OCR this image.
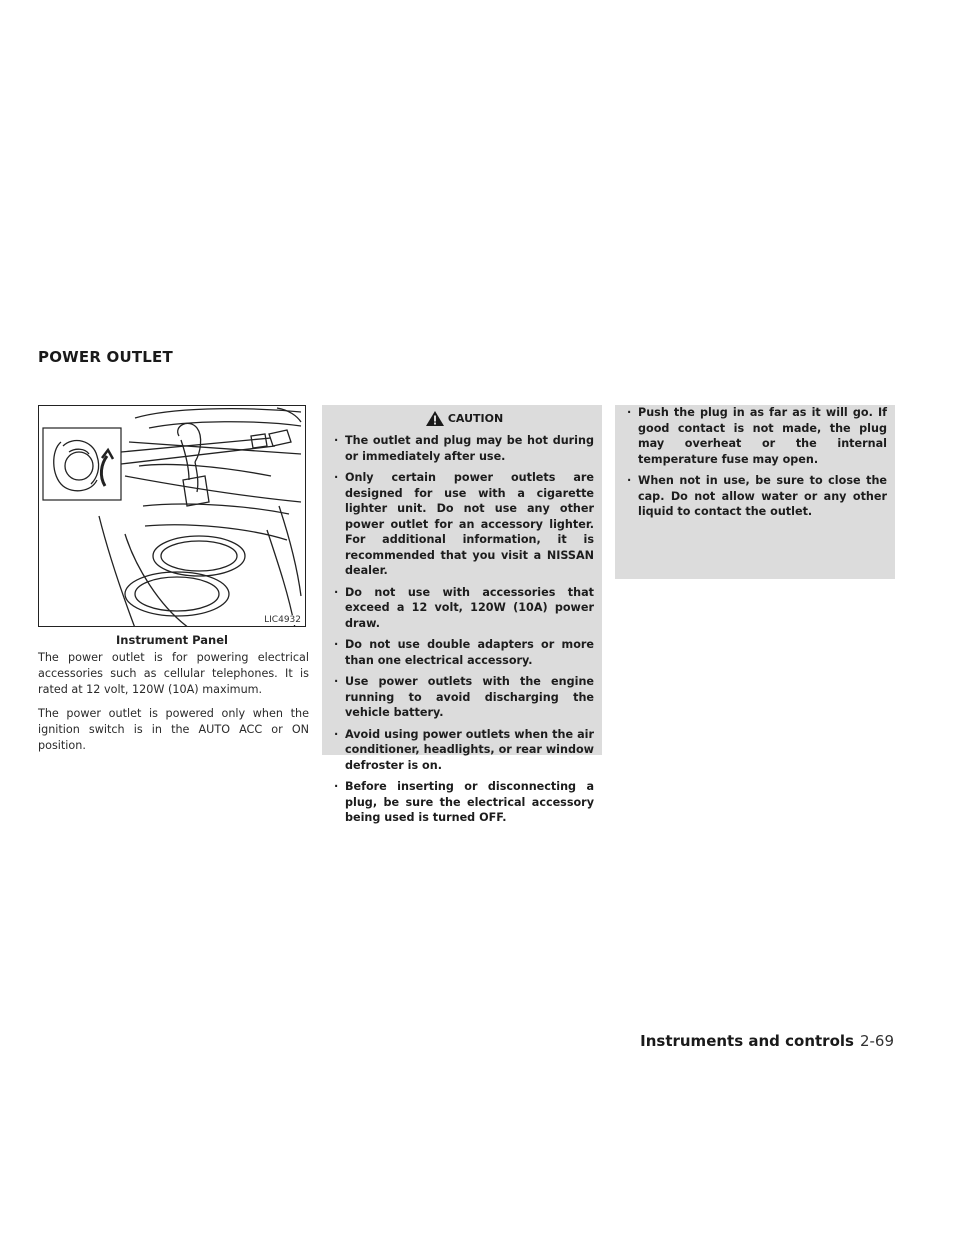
POWER OUTLET
LIC4932
Instrument Panel

The power outlet is for powering electrical accessories such as cellular telephones. It is rated at 12 volt, 120W (10A) maximum.

The power outlet is powered only when the ignition switch is in the AUTO ACC or ON position.

CAUTION
· The outlet and plug may be hot during or immediately after use.
· Only certain power outlets are designed for use with a cigarette lighter unit. Do not use any other power outlet for an accessory lighter. For additional information, it is recommended that you visit a NISSAN dealer.
· Do not use with accessories that exceed a 12 volt, 120W (10A) power draw.
· Do not use double adapters or more than one electrical accessory.
· Use power outlets with the engine running to avoid discharging the vehicle battery.
· Avoid using power outlets when the air conditioner, headlights, or rear window defroster is on.
· Before inserting or disconnecting a plug, be sure the electrical accessory being used is turned OFF.
· Push the plug in as far as it will go. If good contact is not made, the plug may overheat or the internal temperature fuse may open.
· When not in use, be sure to close the cap. Do not allow water or any other liquid to contact the outlet.
Instruments and controls 2-69
